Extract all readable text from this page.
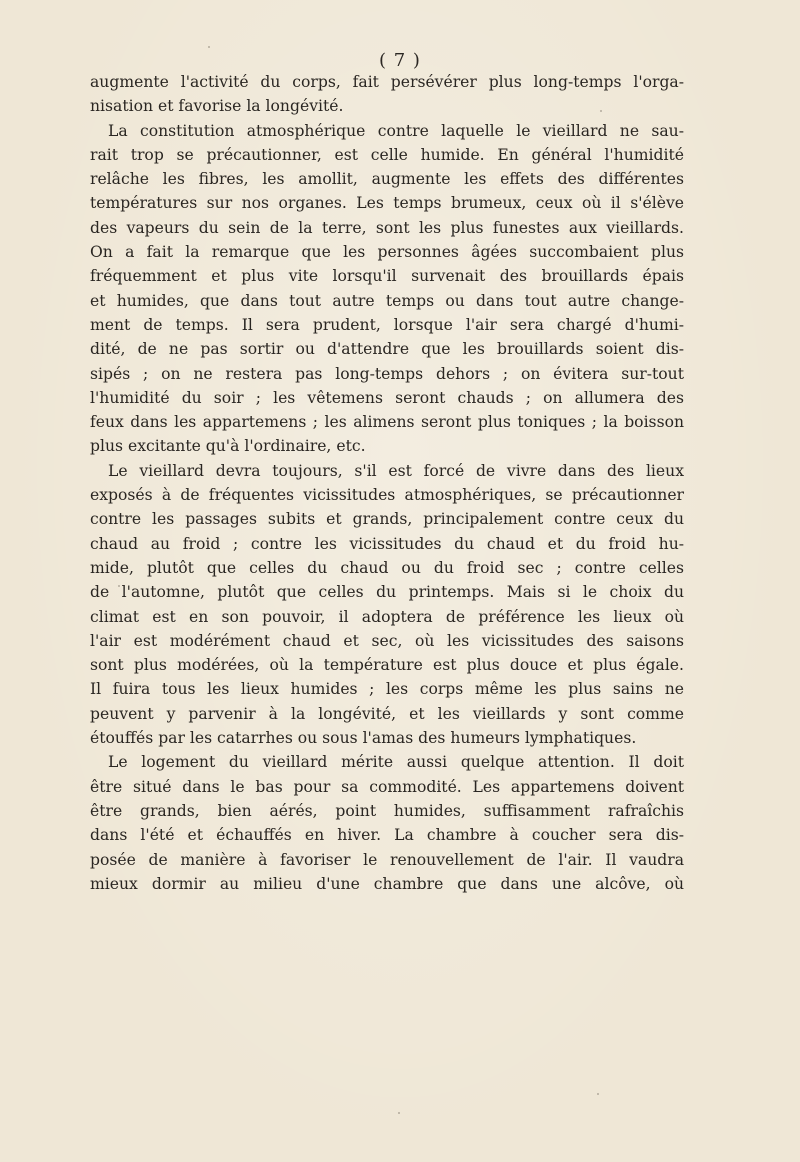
( 7 )
augmente l'activité du corps, fait persévérer plus long-temps l'orga-
nisation et favorise la longévité.
La constitution atmosphérique contre laquelle le vieillard ne sau-
rait trop se précautionner, est celle humide. En général l'humidité
relâche les fibres, les amollit, augmente les effets des différentes
températures sur nos organes. Les temps brumeux, ceux où il s'élève
des vapeurs du sein de la terre, sont les plus funestes aux vieillards.
On a fait la remarque que les personnes âgées succombaient plus
fréquemment et plus vite lorsqu'il survenait des brouillards épais
et humides, que dans tout autre temps ou dans tout autre change-
ment de temps. Il sera prudent, lorsque l'air sera chargé d'humi-
dité, de ne pas sortir ou d'attendre que les brouillards soient dis-
sipés ; on ne restera pas long-temps dehors ; on évitera sur-tout
l'humidité du soir ; les vêtemens seront chauds ; on allumera des
feux dans les appartemens ; les alimens seront plus toniques ; la boisson
plus excitante qu'à l'ordinaire, etc.
Le vieillard devra toujours, s'il est forcé de vivre dans des lieux
exposés à de fréquentes vicissitudes atmosphériques, se précautionner
contre les passages subits et grands, principalement contre ceux du
chaud au froid ; contre les vicissitudes du chaud et du froid hu-
mide, plutôt que celles du chaud ou du froid sec ; contre celles
de l'automne, plutôt que celles du printemps. Mais si le choix du
climat est en son pouvoir, il adoptera de préférence les lieux où
l'air est modérément chaud et sec, où les vicissitudes des saisons
sont plus modérées, où la température est plus douce et plus égale.
Il fuira tous les lieux humides ; les corps même les plus sains ne
peuvent y parvenir à la longévité, et les vieillards y sont comme
étouffés par les catarrhes ou sous l'amas des humeurs lymphatiques.
Le logement du vieillard mérite aussi quelque attention. Il doit
être situé dans le bas pour sa commodité. Les appartemens doivent
être grands, bien aérés, point humides, suffisamment rafraîchis
dans l'été et échauffés en hiver. La chambre à coucher sera dis-
posée de manière à favoriser le renouvellement de l'air. Il vaudra
mieux dormir au milieu d'une chambre que dans une alcôve, où
